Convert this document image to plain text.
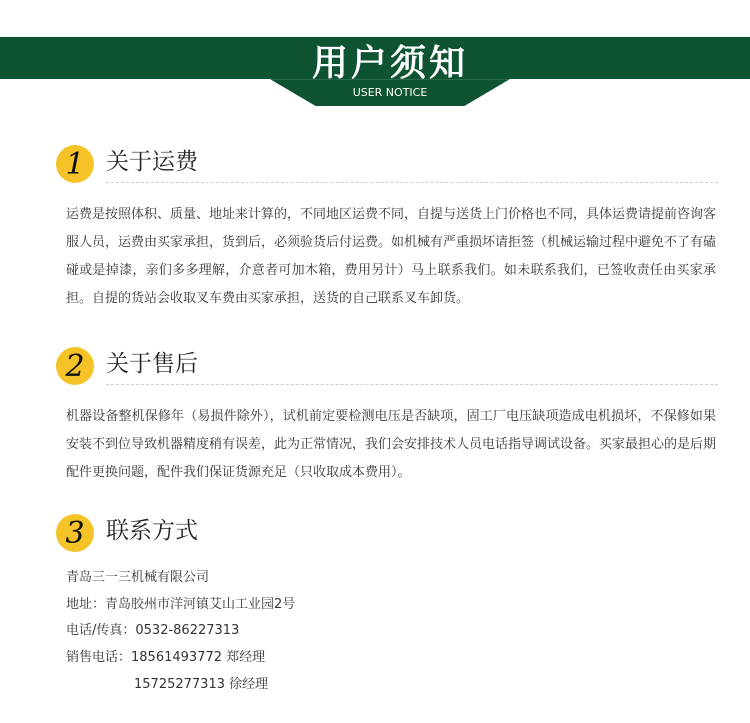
用户须知
USER NOTICE
1 关于运费
运费是按照体积、质量、地址来计算的，不同地区运费不同，自提与送货上门价格也不同，具体运费请提前咨询客服人员，运费由买家承担，货到后，必须验货后付运费。如机械有严重损坏请拒签（机械运输过程中避免不了有磕碰或是掉漆，亲们多多理解，介意者可加木箱，费用另计）马上联系我们。如未联系我们，已签收责任由买家承担。自提的货站会收取叉车费由买家承担，送货的自己联系叉车卸货。
2 关于售后
机器设备整机保修年（易损件除外），试机前定要检测电压是否缺项，固工厂电压缺项造成电机损坏，不保修如果安装不到位导致机器精度稍有误差，此为正常情况，我们会安排技术人员电话指导调试设备。买家最担心的是后期配件更换问题，配件我们保证货源充足（只收取成本费用）。
3 联系方式
青岛三一三机械有限公司
地址：青岛胶州市洋河镇艾山工业园2号
电话/传真：0532-86227313
销售电话：18561493772 郑经理
15725277313 徐经理
